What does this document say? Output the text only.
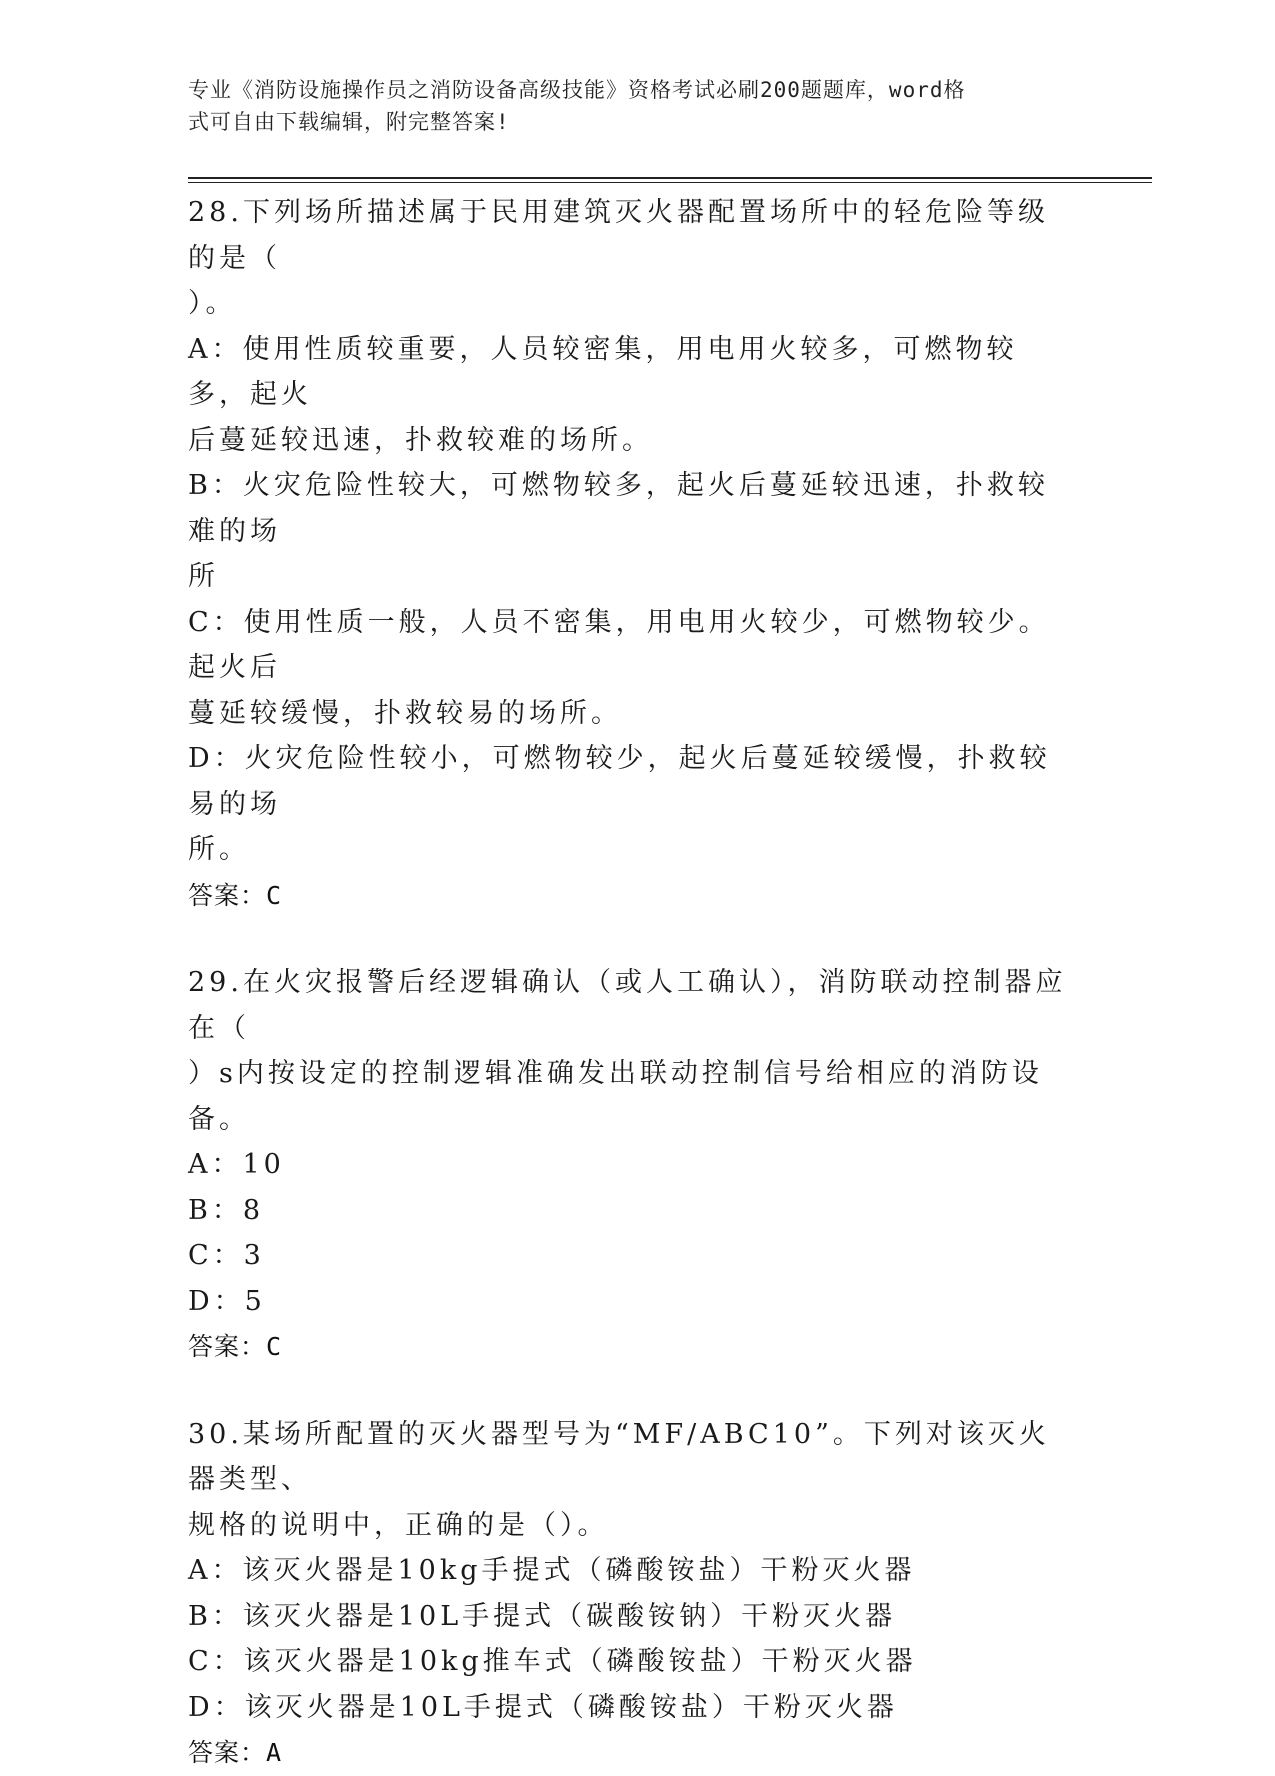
专业《消防设施操作员之消防设备高级技能》资格考试必刷200题题库，word格
式可自由下载编辑，附完整答案!
28.下列场所描述属于民用建筑灭火器配置场所中的轻危险等级的是（
）。
A：使用性质较重要，人员较密集，用电用火较多，可燃物较多，起火
后蔓延较迅速，扑救较难的场所。
B：火灾危险性较大，可燃物较多，起火后蔓延较迅速，扑救较难的场
所
C：使用性质一般，人员不密集，用电用火较少，可燃物较少。起火后
蔓延较缓慢，扑救较易的场所。
D：火灾危险性较小，可燃物较少，起火后蔓延较缓慢，扑救较易的场
所。
答案：C
29.在火灾报警后经逻辑确认（或人工确认），消防联动控制器应在（
）s内按设定的控制逻辑准确发出联动控制信号给相应的消防设备。
A：10
B：8
C：3
D：5
答案：C
30.某场所配置的灭火器型号为“MF/ABC10”。下列对该灭火器类型、
规格的说明中，正确的是（）。
A：该灭火器是10kg手提式（磷酸铵盐）干粉灭火器
B：该灭火器是10L手提式（碳酸铵钠）干粉灭火器
C：该灭火器是10kg推车式（磷酸铵盐）干粉灭火器
D：该灭火器是10L手提式（磷酸铵盐）干粉灭火器
答案：A
